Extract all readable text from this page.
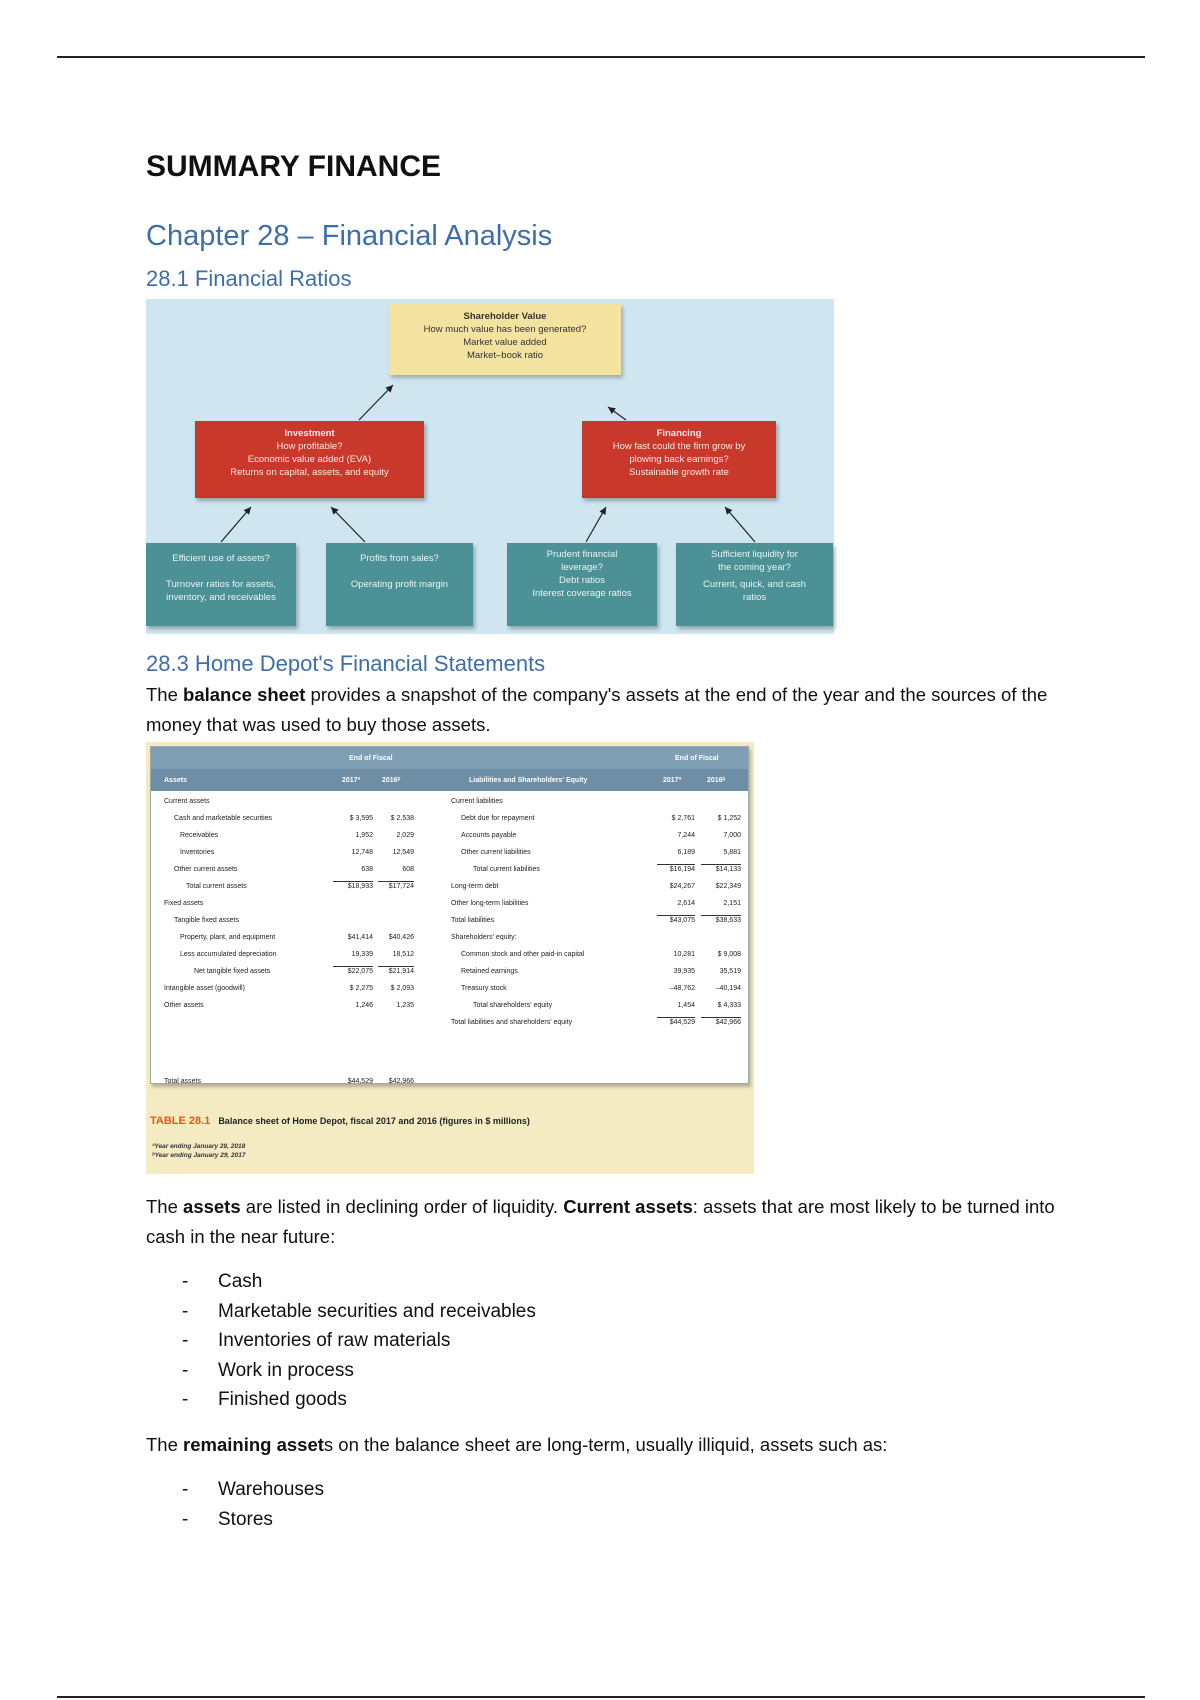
SUMMARY FINANCE
Chapter 28 – Financial Analysis
28.1 Financial Ratios
Shareholder Value
How much value has been generated?
Market value added
Market–book ratio
Investment
How profitable?
Economic value added (EVA)
Returns on capital, assets, and equity
Financing
How fast could the firm grow by
plowing back earnings?
Sustainable growth rate
Efficient use of assets?
Turnover ratios for assets,
inventory, and receivables
Profits from sales?
Operating profit margin
Prudent financial
leverage?
Debt ratios
Interest coverage ratios
Sufficient liquidity for
the coming year?
Current, quick, and cash
ratios
28.3 Home Depot's Financial Statements

The balance sheet provides a snapshot of the company's assets at the end of the year and the sources of the money that was used to buy those assets.

End of Fiscal	End of Fiscal
Assets	2017ª	2016ᵇ	Liabilities and Shareholders' Equity	2017ª	2016ᵇ
Current assets
Cash and marketable securities	$ 3,595	$ 2,538
Receivables	1,952	2,029
Inventories	12,748	12,549
Other current assets	638	608
Total current assets	$18,933	$17,724
Fixed assets
Tangible fixed assets
Property, plant, and equipment	$41,414	$40,426
Less accumulated depreciation	19,339	18,512
Net tangible fixed assets	$22,075	$21,914
Intangible asset (goodwill)	$ 2,275	$ 2,093
Other assets	1,246	1,235
Current liabilities
Debt due for repayment	$ 2,761	$ 1,252
Accounts payable	7,244	7,000
Other current liabilities	6,189	5,881
Total current liabilities	$16,194	$14,133
Long-term debt	$24,267	$22,349
Other long-term liabilities	2,614	2,151
Total liabilities	$43,075	$38,633
Shareholders' equity:
Common stock and other paid-in capital	10,281	$ 9,008
Retained earnings	39,935	35,519
Treasury stock	–48,762	–40,194
Total shareholders' equity	1,454	$ 4,333
Total liabilities and shareholders' equity	$44,529	$42,966
Total assets	$44,529	$42,966
TABLE 28.1 Balance sheet of Home Depot, fiscal 2017 and 2016 (figures in $ millions)
ªYear ending January 28, 2018
ᵇYear ending January 29, 2017

The assets are listed in declining order of liquidity. Current assets: assets that are most likely to be turned into cash in the near future:

- Cash
- Marketable securities and receivables
- Inventories of raw materials
- Work in process
- Finished goods

The remaining assets on the balance sheet are long-term, usually illiquid, assets such as:

- Warehouses
- Stores
